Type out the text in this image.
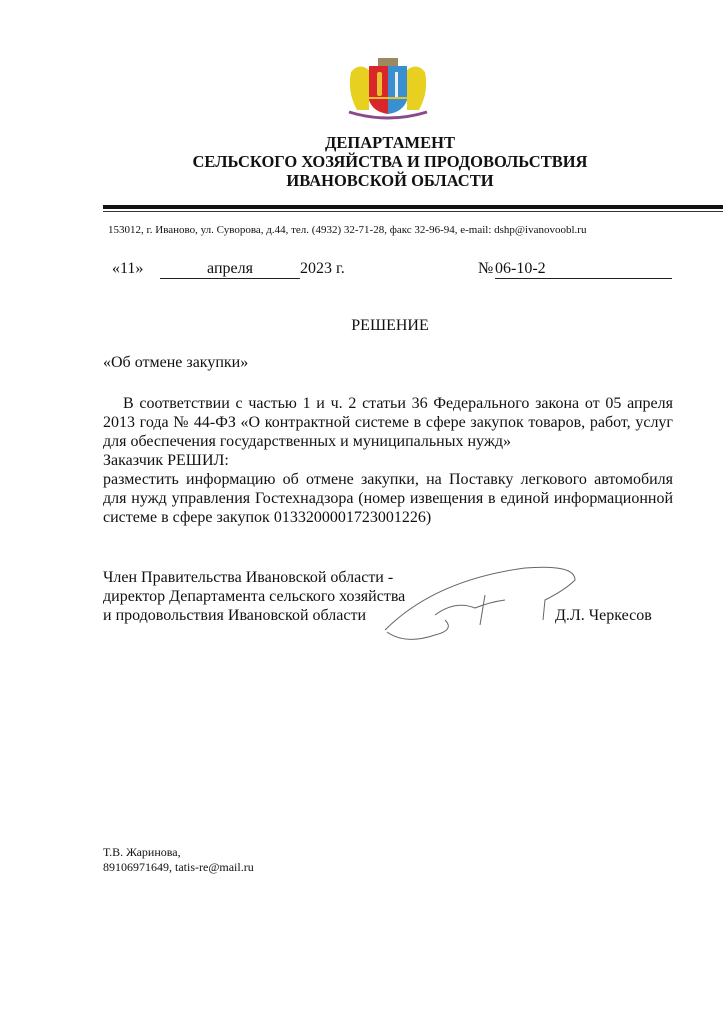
ДЕПАРТАМЕНТ
СЕЛЬСКОГО ХОЗЯЙСТВА И ПРОДОВОЛЬСТВИЯ
ИВАНОВСКОЙ ОБЛАСТИ
153012, г. Иваново, ул. Суворова, д.44, тел. (4932) 32-71-28, факс 32-96-94, e-mail: dshp@ivanovoobl.ru
«11»	апреля	2023 г.	№ 06-10-2
РЕШЕНИЕ
«Об отмене закупки»
В соответствии с частью 1 и ч. 2 статьи 36 Федерального закона от 05 апреля 2013 года № 44-ФЗ «О контрактной системе в сфере закупок товаров, работ, услуг для обеспечения государственных и муниципальных нужд»
Заказчик РЕШИЛ:
разместить информацию об отмене закупки, на Поставку легкового автомобиля для нужд управления Гостехнадзора (номер извещения в единой информационной системе в сфере закупок 0133200001723001226)
Член Правительства Ивановской области -
директор Департамента сельского хозяйства
и продовольствия Ивановской области	Д.Л. Черкесов
Т.В. Жаринова,
89106971649, tatis-re@mail.ru
